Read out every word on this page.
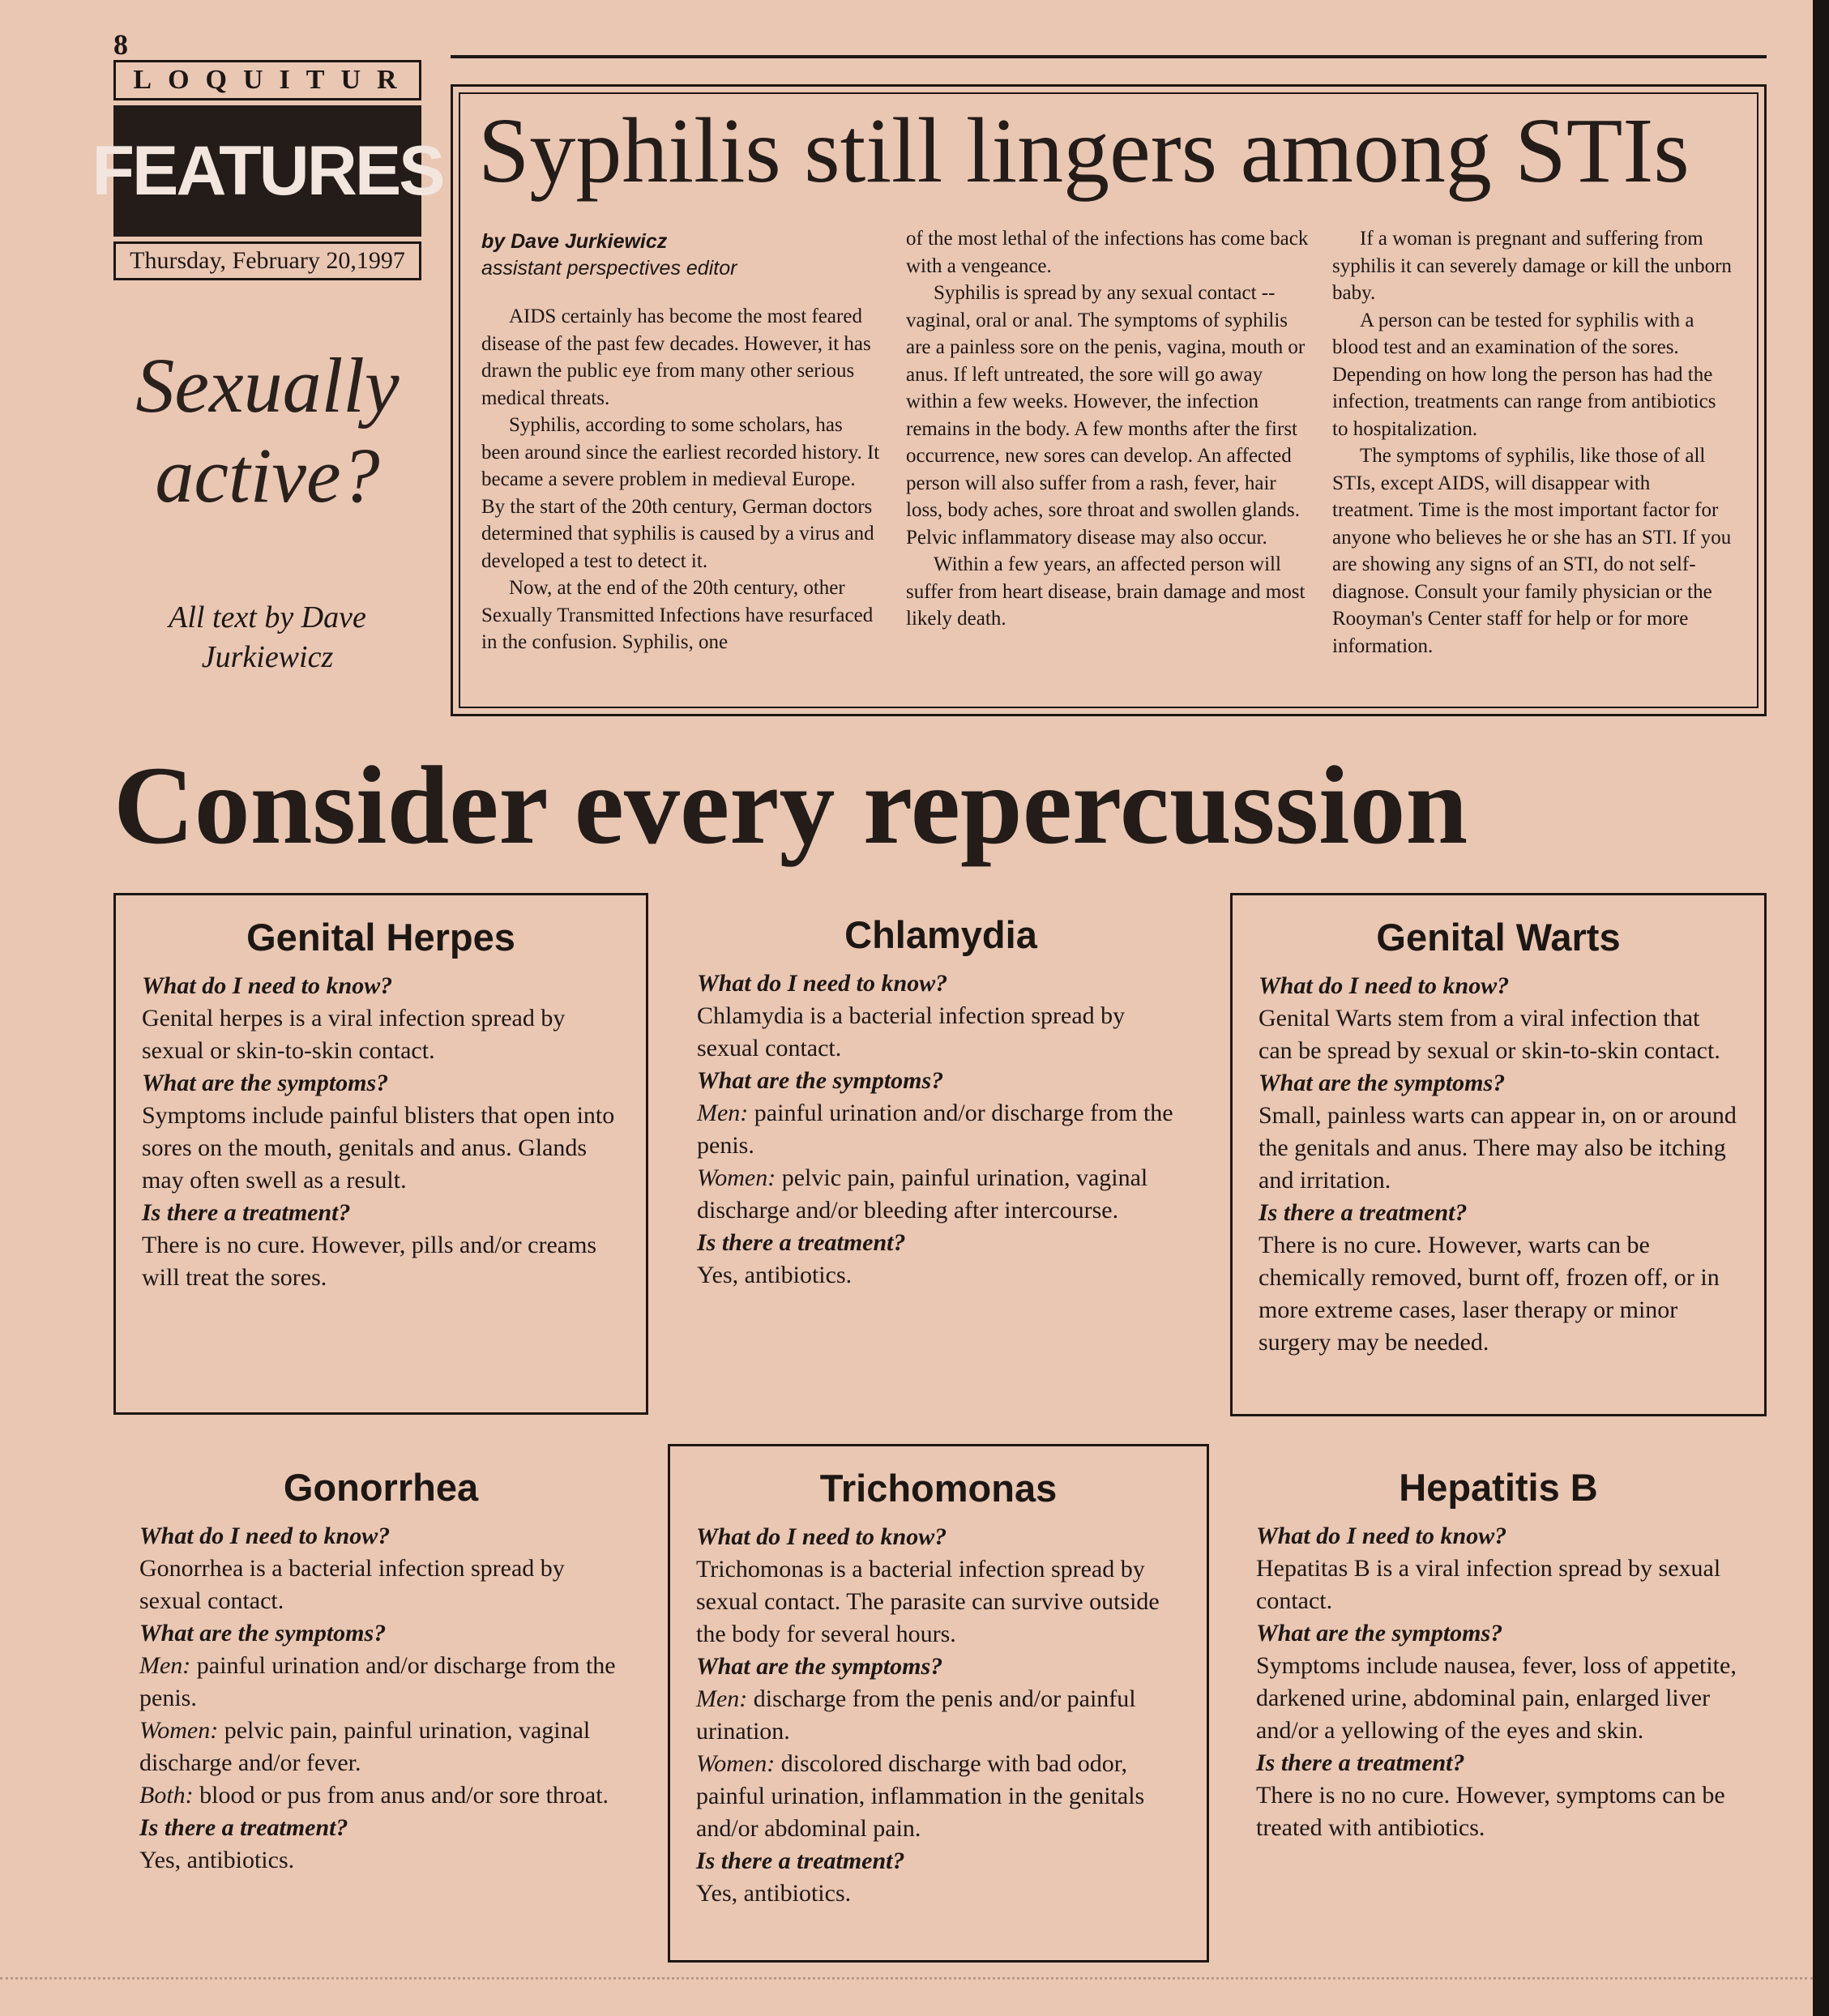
8
LOQUITUR
FEATURES
Thursday, February 20,1997
Sexually
active?
All text by Dave
Jurkiewicz
Syphilis still lingers among STIs
by Dave Jurkiewicz
assistant perspectives editor

AIDS certainly has become the most feared disease of the past few decades. However, it has drawn the public eye from many other serious medical threats.

Syphilis, according to some scholars, has been around since the earliest recorded history. It became a severe problem in medieval Europe. By the start of the 20th century, German doctors determined that syphilis is caused by a virus and developed a test to detect it.

Now, at the end of the 20th century, other Sexually Transmitted Infections have resurfaced in the confusion. Syphilis, one

of the most lethal of the infections has come back with a vengeance.

Syphilis is spread by any sexual contact -- vaginal, oral or anal. The symptoms of syphilis are a painless sore on the penis, vagina, mouth or anus. If left untreated, the sore will go away within a few weeks. However, the infection remains in the body. A few months after the first occurrence, new sores can develop. An affected person will also suffer from a rash, fever, hair loss, body aches, sore throat and swollen glands. Pelvic inflammatory disease may also occur.

Within a few years, an affected person will suffer from heart disease, brain damage and most likely death.

If a woman is pregnant and suffering from syphilis it can severely damage or kill the unborn baby.

A person can be tested for syphilis with a blood test and an examination of the sores. Depending on how long the person has had the infection, treatments can range from antibiotics to hospitalization.

The symptoms of syphilis, like those of all STIs, except AIDS, will disappear with treatment. Time is the most important factor for anyone who believes he or she has an STI. If you are showing any signs of an STI, do not self-diagnose. Consult your family physician or the Rooyman's Center staff for help or for more information.

Consider every repercussion
Genital Herpes
What do I need to know?
Genital herpes is a viral infection spread by sexual or skin-to-skin contact.
What are the symptoms?
Symptoms include painful blisters that open into sores on the mouth, genitals and anus. Glands may often swell as a result.
Is there a treatment?
There is no cure. However, pills and/or creams will treat the sores.
Chlamydia
What do I need to know?
Chlamydia is a bacterial infection spread by sexual contact.
What are the symptoms?
Men: painful urination and/or discharge from the penis.
Women: pelvic pain, painful urination, vaginal discharge and/or bleeding after intercourse.
Is there a treatment?
Yes, antibiotics.
Genital Warts
What do I need to know?
Genital Warts stem from a viral infection that can be spread by sexual or skin-to-skin contact.
What are the symptoms?
Small, painless warts can appear in, on or around the genitals and anus. There may also be itching and irritation.
Is there a treatment?
There is no cure. However, warts can be chemically removed, burnt off, frozen off, or in more extreme cases, laser therapy or minor surgery may be needed.
Gonorrhea
What do I need to know?
Gonorrhea is a bacterial infection spread by sexual contact.
What are the symptoms?
Men: painful urination and/or discharge from the penis.
Women: pelvic pain, painful urination, vaginal discharge and/or fever.
Both: blood or pus from anus and/or sore throat.
Is there a treatment?
Yes, antibiotics.
Trichomonas
What do I need to know?
Trichomonas is a bacterial infection spread by sexual contact. The parasite can survive outside the body for several hours.
What are the symptoms?
Men: discharge from the penis and/or painful urination.
Women: discolored discharge with bad odor, painful urination, inflammation in the genitals and/or abdominal pain.
Is there a treatment?
Yes, antibiotics.
Hepatitis B
What do I need to know?
Hepatitas B is a viral infection spread by sexual contact.
What are the symptoms?
Symptoms include nausea, fever, loss of appetite, darkened urine, abdominal pain, enlarged liver and/or a yellowing of the eyes and skin.
Is there a treatment?
There is no no cure. However, symptoms can be treated with antibiotics.
